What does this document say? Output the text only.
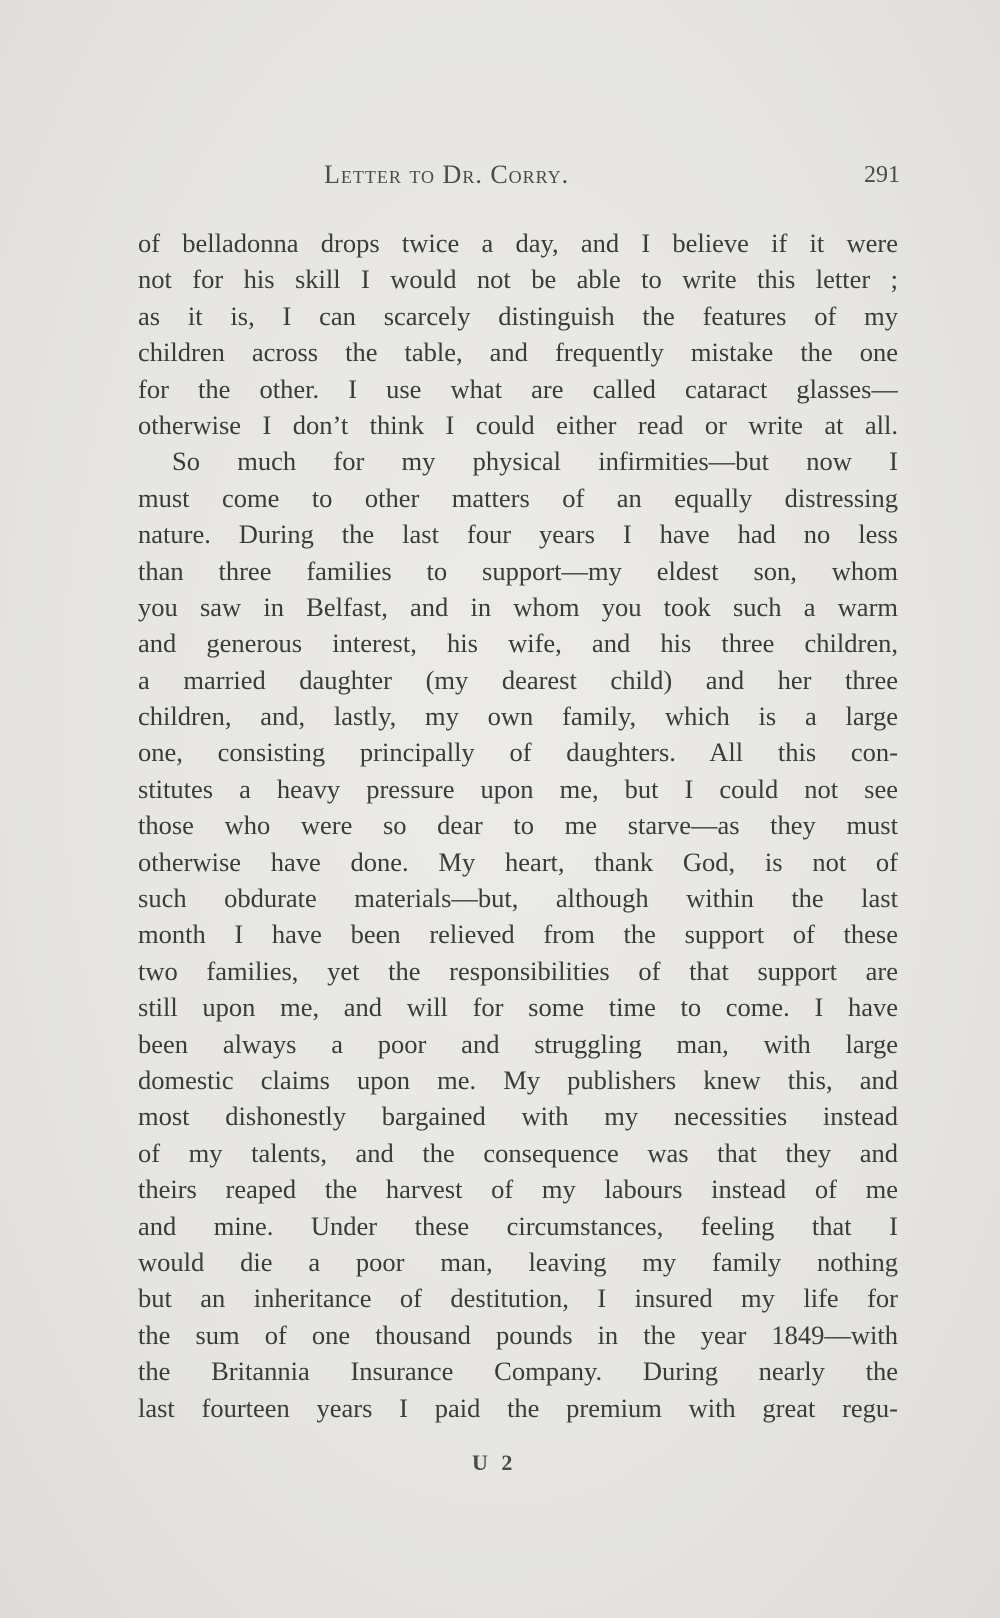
Letter to Dr. Corry.	291
of belladonna drops twice a day, and I believe if it were
not for his skill I would not be able to write this letter ;
as it is, I can scarcely distinguish the features of my
children across the table, and frequently mistake the one
for the other. I use what are called cataract glasses—
otherwise I don’t think I could either read or write at all.
So much for my physical infirmities—but now I
must come to other matters of an equally distressing
nature. During the last four years I have had no less
than three families to support—my eldest son, whom
you saw in Belfast, and in whom you took such a warm
and generous interest, his wife, and his three children,
a married daughter (my dearest child) and her three
children, and, lastly, my own family, which is a large
one, consisting principally of daughters. All this con-
stitutes a heavy pressure upon me, but I could not see
those who were so dear to me starve—as they must
otherwise have done. My heart, thank God, is not of
such obdurate materials—but, although within the last
month I have been relieved from the support of these
two families, yet the responsibilities of that support are
still upon me, and will for some time to come. I have
been always a poor and struggling man, with large
domestic claims upon me. My publishers knew this, and
most dishonestly bargained with my necessities instead
of my talents, and the consequence was that they and
theirs reaped the harvest of my labours instead of me
and mine. Under these circumstances, feeling that I
would die a poor man, leaving my family nothing
but an inheritance of destitution, I insured my life for
the sum of one thousand pounds in the year 1849—with
the Britannia Insurance Company. During nearly the
last fourteen years I paid the premium with great regu-
U 2
